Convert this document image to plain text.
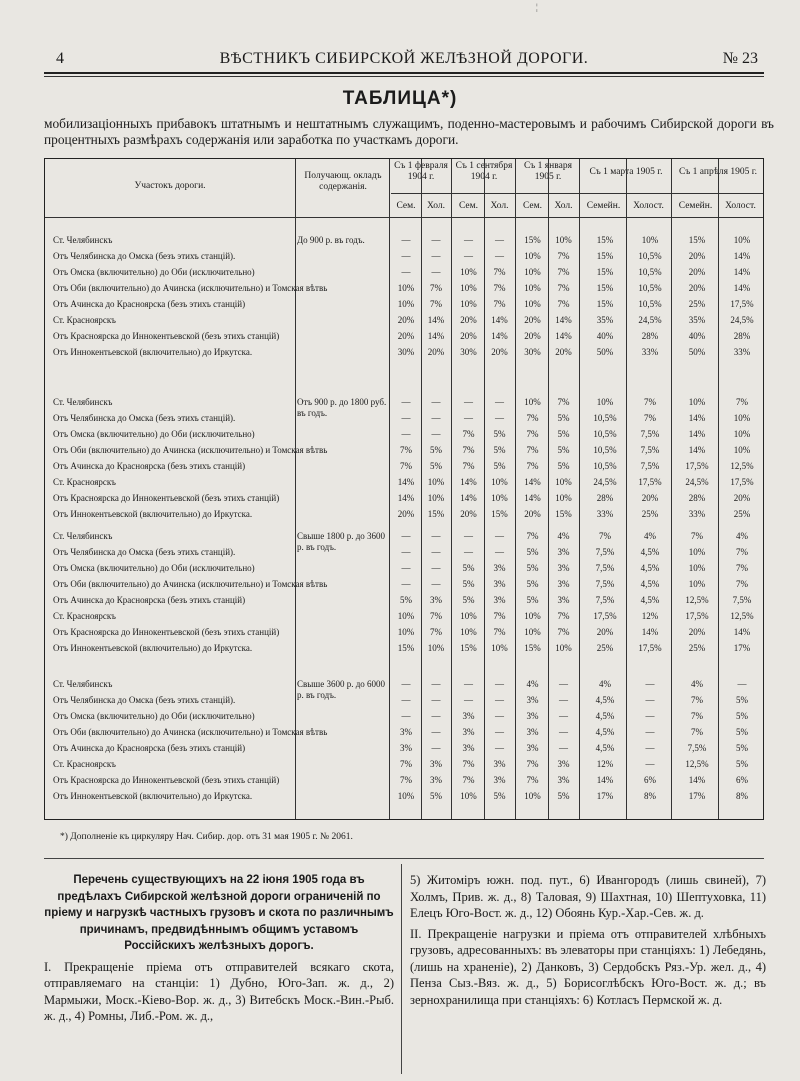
¦
4	ВѢСТНИКЪ СИБИРСКОЙ ЖЕЛѢЗНОЙ ДОРОГИ.	№ 23
ТАБЛИЦА*)
мобилизаціонныхъ прибавокъ штатнымъ и нештатнымъ служащимъ, поденно-мастеровымъ и рабочимъ Сибирской дороги въ процентныхъ размѣрахъ содержанія или заработка по участкамъ дороги.
Участокъ дороги.
Получающ. окладъ содержанія.
Съ 1 февраля 1904 г.
Съ 1 сентября 1904 г.
Съ 1 января 1905 г.	Съ 1 марта 1905 г.	Съ 1 апрѣля 1905 г.
Сем.	Хол.	Сем.	Хол.	Сем.	Хол.	Семейн.	Холост.	Семейн.	Холост.
До 900 р. въ годъ.
Ст. Челябинскъ	—	—	—	—	15%	10%	15%	10%	15%	10%
Отъ Челябинска до Омска (безъ этихъ станцій).	—	—	—	—	10%	7%	15%	10,5%	20%	14%
Отъ Омска (включительно) до Оби (исключительно)	—	—	10%	7%	10%	7%	15%	10,5%	20%	14%
Отъ Оби (включительно) до Ачинска (исключительно) и Томская вѣтвь	10%	7%	10%	7%	10%	7%	15%	10,5%	20%	14%
Отъ Ачинска до Красноярска (безъ этихъ станцій)	10%	7%	10%	7%	10%	7%	15%	10,5%	25%	17,5%
Ст. Красноярскъ	20%	14%	20%	14%	20%	14%	35%	24,5%	35%	24,5%
Отъ Красноярска до Иннокентьевской (безъ этихъ станцій)	20%	14%	20%	14%	20%	14%	40%	28%	40%	28%
Отъ Иннокентьевской (включительно) до Иркутска.	30%	20%	30%	20%	30%	20%	50%	33%	50%	33%
Отъ 900 р. до 1800 руб. въ годъ.
Ст. Челябинскъ	—	—	—	—	10%	7%	10%	7%	10%	7%
Отъ Челябинска до Омска (безъ этихъ станцій).	—	—	—	—	7%	5%	10,5%	7%	14%	10%
Отъ Омска (включительно) до Оби (исключительно)	—	—	7%	5%	7%	5%	10,5%	7,5%	14%	10%
Отъ Оби (включительно) до Ачинска (исключительно) и Томская вѣтвь	7%	5%	7%	5%	7%	5%	10,5%	7,5%	14%	10%
Отъ Ачинска до Красноярска (безъ этихъ станцій)	7%	5%	7%	5%	7%	5%	10,5%	7,5%	17,5%	12,5%
Ст. Красноярскъ	14%	10%	14%	10%	14%	10%	24,5%	17,5%	24,5%	17,5%
Отъ Красноярска до Иннокентьевской (безъ этихъ станцій)	14%	10%	14%	10%	14%	10%	28%	20%	28%	20%
Отъ Иннокентьевской (включительно) до Иркутска.	20%	15%	20%	15%	20%	15%	33%	25%	33%	25%
Свыше 1800 р. до 3600 р. въ годъ.
Ст. Челябинскъ	—	—	—	—	7%	4%	7%	4%	7%	4%
Отъ Челябинска до Омска (безъ этихъ станцій).	—	—	—	—	5%	3%	7,5%	4,5%	10%	7%
Отъ Омска (включительно) до Оби (исключительно)	—	—	5%	3%	5%	3%	7,5%	4,5%	10%	7%
Отъ Оби (включительно) до Ачинска (исключительно) и Томская вѣтвь	—	—	5%	3%	5%	3%	7,5%	4,5%	10%	7%
Отъ Ачинска до Красноярска (безъ этихъ станцій)	5%	3%	5%	3%	5%	3%	7,5%	4,5%	12,5%	7,5%
Ст. Красноярскъ	10%	7%	10%	7%	10%	7%	17,5%	12%	17,5%	12,5%
Отъ Красноярска до Иннокентьевской (безъ этихъ станцій)	10%	7%	10%	7%	10%	7%	20%	14%	20%	14%
Отъ Иннокентьевской (включительно) до Иркутска.	15%	10%	15%	10%	15%	10%	25%	17,5%	25%	17%
Свыше 3600 р. до 6000 р. въ годъ.
Ст. Челябинскъ	—	—	—	—	4%	—	4%	—	4%	—
Отъ Челябинска до Омска (безъ этихъ станцій).	—	—	—	—	3%	—	4,5%	—	7%	5%
Отъ Омска (включительно) до Оби (исключительно)	—	—	3%	—	3%	—	4,5%	—	7%	5%
Отъ Оби (включительно) до Ачинска (исключительно) и Томская вѣтвь	3%	—	3%	—	3%	—	4,5%	—	7%	5%
Отъ Ачинска до Красноярска (безъ этихъ станцій)	3%	—	3%	—	3%	—	4,5%	—	7,5%	5%
Ст. Красноярскъ	7%	3%	7%	3%	7%	3%	12%	—	12,5%	5%
Отъ Красноярска до Иннокентьевской (безъ этихъ станцій)	7%	3%	7%	3%	7%	3%	14%	6%	14%	6%
Отъ Иннокентьевской (включительно) до Иркутска.	10%	5%	10%	5%	10%	5%	17%	8%	17%	8%
*) Дополненіе къ циркуляру Нач. Сибир. дор. отъ 31 мая 1905 г. № 2061.
Перечень существующихъ на 22 іюня 1905 года въ предѣлахъ Сибирской желѣзной дороги ограниченій по пріему и нагрузкѣ частныхъ грузовъ и скота по различнымъ причинамъ, предвидѣннымъ общимъ уставомъ Россійскихъ желѣзныхъ дорогъ.
I. Прекращеніе пріема отъ отправителей всякаго скота, отправляемаго на станціи: 1) Дубно, Юго-Зап. ж. д., 2) Мармыжи, Моск.-Кіево-Вор. ж. д., 3) Витебскъ Моск.-Вин.-Рыб. ж. д., 4) Ромны, Либ.-Ром. ж. д.,
5) Житоміръ южн. под. пут., 6) Ивангородъ (лишь свиней), 7) Холмъ, Прив. ж. д., 8) Таловая, 9) Шахтная, 10) Шептуховка, 11) Елецъ Юго-Вост. ж. д., 12) Обоянь Кур.-Хар.-Сев. ж. д.
II. Прекращеніе нагрузки и пріема отъ отправителей хлѣбныхъ грузовъ, адресованныхъ: въ элеваторы при станціяхъ: 1) Лебедянь, (лишь на храненіе), 2) Данковъ, 3) Сердобскъ Ряз.-Ур. жел. д., 4) Пенза Сыз.-Вяз. ж. д., 5) Борисоглѣбскъ Юго-Вост. ж. д.; въ зернохранилища при станціяхъ: 6) Котласъ Пермской ж. д.
